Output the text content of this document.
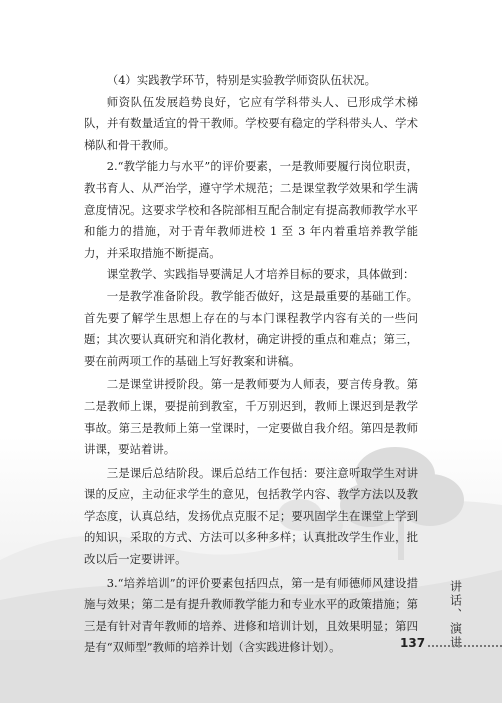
（4）实践教学环节，特别是实验教学师资队伍状况。

师资队伍发展趋势良好，它应有学科带头人、已形成学术梯队，并有数量适宜的骨干教师。学校要有稳定的学科带头人、学术梯队和骨干教师。

2.“教学能力与水平”的评价要素，一是教师要履行岗位职责，教书育人、从严治学，遵守学术规范；二是课堂教学效果和学生满意度情况。这要求学校和各院部相互配合制定有提高教师教学水平和能力的措施，对于青年教师进校 1 至 3 年内着重培养教学能力，并采取措施不断提高。

课堂教学、实践指导要满足人才培养目标的要求，具体做到：

一是教学准备阶段。教学能否做好，这是最重要的基础工作。首先要了解学生思想上存在的与本门课程教学内容有关的一些问题；其次要认真研究和消化教材，确定讲授的重点和难点；第三，要在前两项工作的基础上写好教案和讲稿。

二是课堂讲授阶段。第一是教师要为人师表，要言传身教。第二是教师上课，要提前到教室，千万别迟到，教师上课迟到是教学事故。第三是教师上第一堂课时，一定要做自我介绍。第四是教师讲课，要站着讲。

三是课后总结阶段。课后总结工作包括：要注意听取学生对讲课的反应，主动征求学生的意见，包括教学内容、教学方法以及教学态度，认真总结，发扬优点克服不足；要巩固学生在课堂上学到的知识，采取的方式、方法可以多种多样；认真批改学生作业，批改以后一定要讲评。

3.“培养培训”的评价要素包括四点，第一是有师德师风建设措施与效果；第二是有提升教师教学能力和专业水平的政策措施；第三是有针对青年教师的培养、进修和培训计划，且效果明显；第四是有“双师型”教师的培养计划（含实践进修计划）。	讲话、演讲
137
